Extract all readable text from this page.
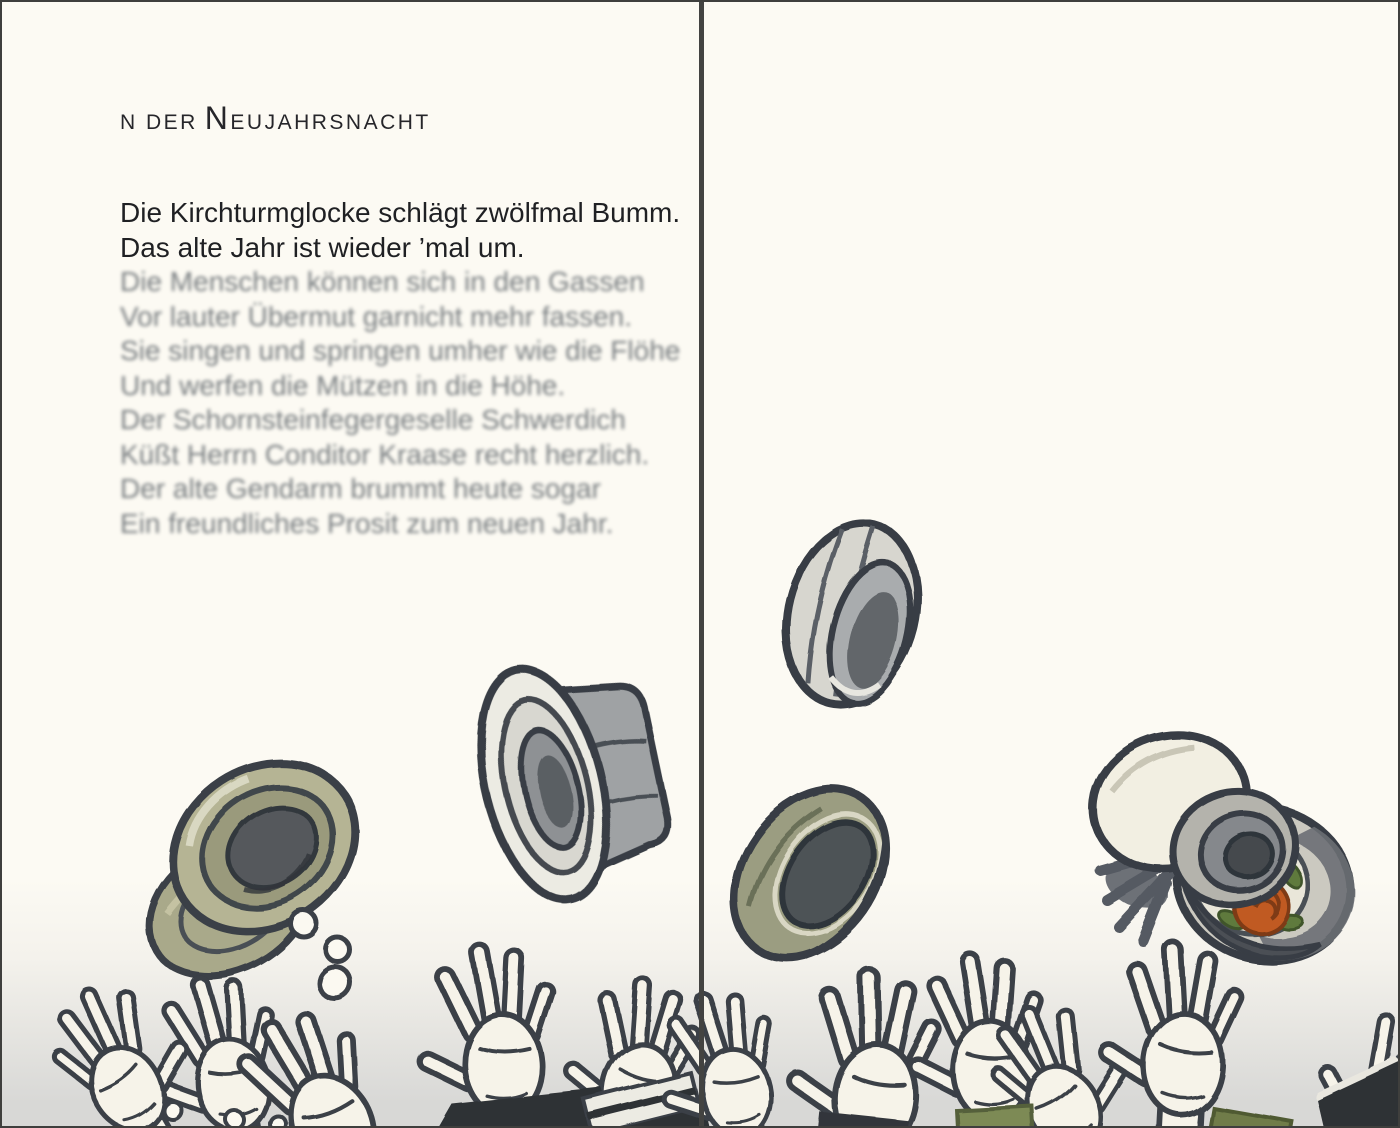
N DER NEUJAHRSNACHT
Die Kirchturmglocke schlägt zwölfmal Bumm.
Das alte Jahr ist wieder ’mal um.
Die Menschen können sich in den Gassen
Vor lauter Übermut garnicht mehr fassen.
Sie singen und springen umher wie die Flöhe
Und werfen die Mützen in die Höhe.
Der Schornsteinfegergeselle Schwerdich
Küßt Herrn Conditor Kraase recht herzlich.
Der alte Gendarm brummt heute sogar
Ein freundliches Prosit zum neuen Jahr.
